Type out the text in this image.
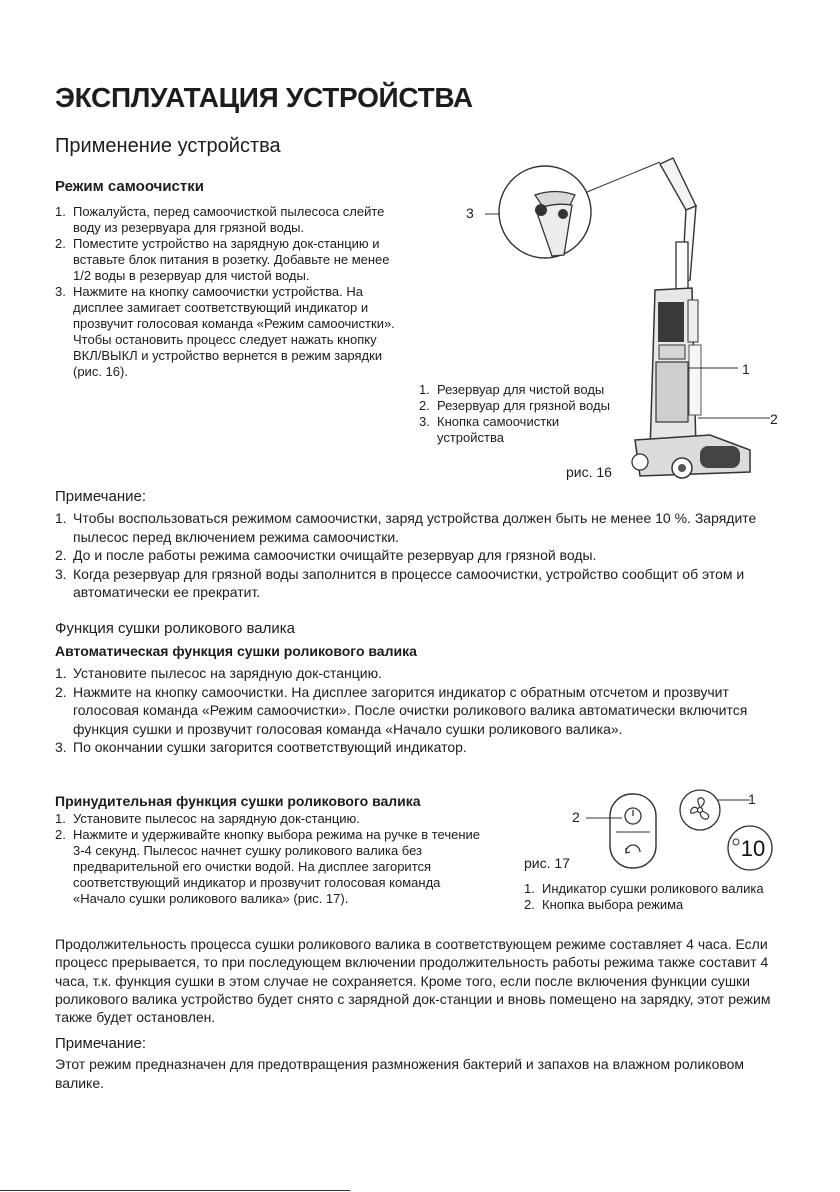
ЭКСПЛУАТАЦИЯ УСТРОЙСТВА
Применение устройства
Режим самоочистки
1. Пожалуйста, перед самоочисткой пылесоса слейте воду из резервуара для грязной воды.
2. Поместите устройство на зарядную док-станцию и вставьте блок питания в розетку. Добавьте не менее 1/2 воды в резервуар для чистой воды.
3. Нажмите на кнопку самоочистки устройства. На дисплее замигает соответствующий индикатор и прозвучит голосовая команда «Режим самоочистки». Чтобы остановить процесс следует нажать кнопку ВКЛ/ВЫКЛ и устройство вернется в режим зарядки (рис. 16).
3
1
2
1. Резервуар для чистой воды
2. Резервуар для грязной воды
3. Кнопка самоочистки устройства
рис. 16
Примечание:
1. Чтобы воспользоваться режимом самоочистки, заряд устройства должен быть не менее 10 %. Зарядите пылесос перед включением режима самоочистки.
2. До и после работы режима самоочистки очищайте резервуар для грязной воды.
3. Когда резервуар для грязной воды заполнится в процессе самоочистки, устройство сообщит об этом и автоматически ее прекратит.
Функция сушки роликового валика
Автоматическая функция сушки роликового валика
1. Установите пылесос на зарядную док-станцию.
2. Нажмите на кнопку самоочистки. На дисплее загорится индикатор с обратным отсчетом и прозвучит голосовая команда «Режим самоочистки». После очистки роликового валика автоматически включится функция сушки и прозвучит голосовая команда «Начало сушки роликового валика».
3. По окончании сушки загорится соответствующий индикатор.
Принудительная функция сушки роликового валика
1. Установите пылесос на зарядную док-станцию.
2. Нажмите и удерживайте кнопку выбора режима на ручке в течение 3-4 секунд. Пылесос начнет сушку роликового валика без предварительной его очистки водой. На дисплее загорится соответствующий индикатор и прозвучит голосовая команда «Начало сушки роликового валика» (рис. 17).
10
2
1
рис. 17
1. Индикатор сушки роликового валика
2. Кнопка выбора режима
Продолжительность процесса сушки роликового валика в соответствующем режиме составляет 4 часа. Если процесс прерывается, то при последующем включении продолжительность работы режима также составит 4 часа, т.к. функция сушки в этом случае не сохраняется. Кроме того, если после включения функции сушки роликового валика устройство будет снято с зарядной док-станции и вновь помещено на зарядку, этот режим также будет остановлен.
Примечание:
Этот режим предназначен для предотвращения размножения бактерий и запахов на влажном роликовом валике.
